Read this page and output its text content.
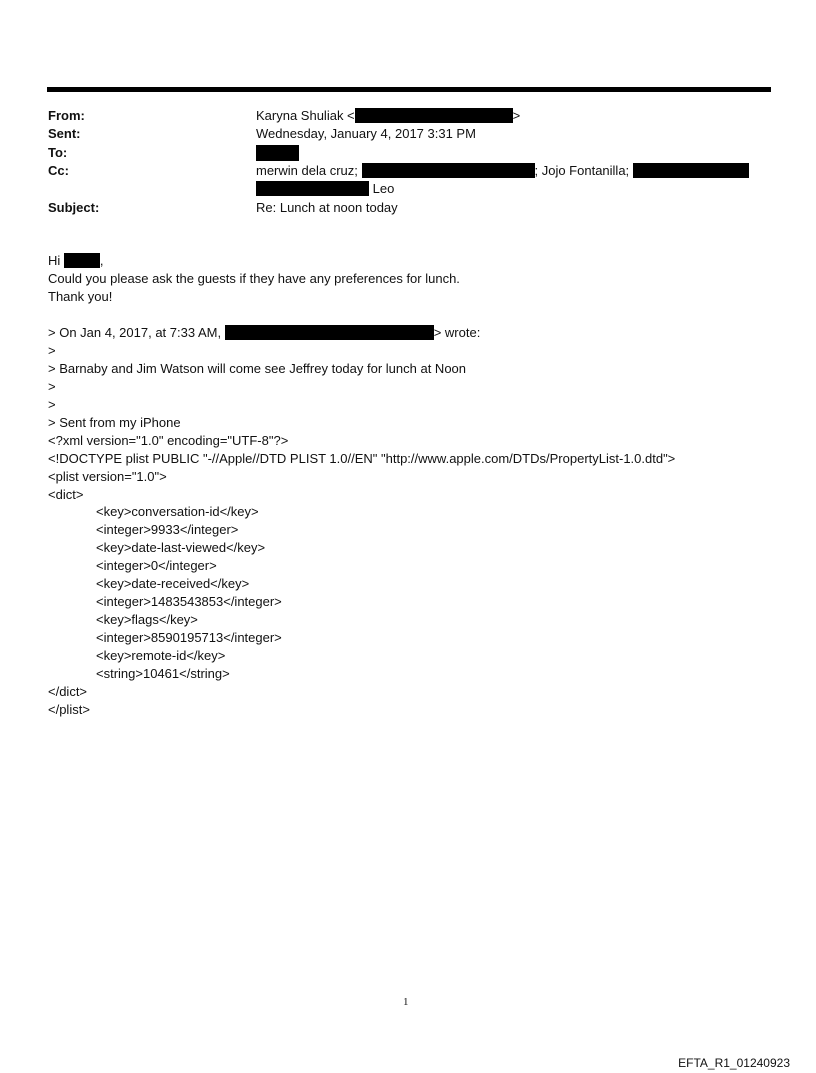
From:	Karyna Shuliak <	>
Sent:	Wednesday, January 4, 2017 3:31 PM
To:
Cc:	merwin dela cruz;	; Jojo Fontanilla;
Leo
Subject:	Re: Lunch at noon today
Hi	,
Could you please ask the guests if they have any preferences for lunch.
Thank you!
> On Jan 4, 2017, at 7:33 AM,	> wrote:
>
> Barnaby and Jim Watson will come see Jeffrey today for lunch at Noon
>
>
> Sent from my iPhone
<?xml version="1.0" encoding="UTF-8"?>
<!DOCTYPE plist PUBLIC "-//Apple//DTD PLIST 1.0//EN" "http://www.apple.com/DTDs/PropertyList-1.0.dtd">
<plist version="1.0">
<dict>
<key>conversation-id</key>
<integer>9933</integer>
<key>date-last-viewed</key>
<integer>0</integer>
<key>date-received</key>
<integer>1483543853</integer>
<key>flags</key>
<integer>8590195713</integer>
<key>remote-id</key>
<string>10461</string>
</dict>
</plist>
1
EFTA_R1_01240923
